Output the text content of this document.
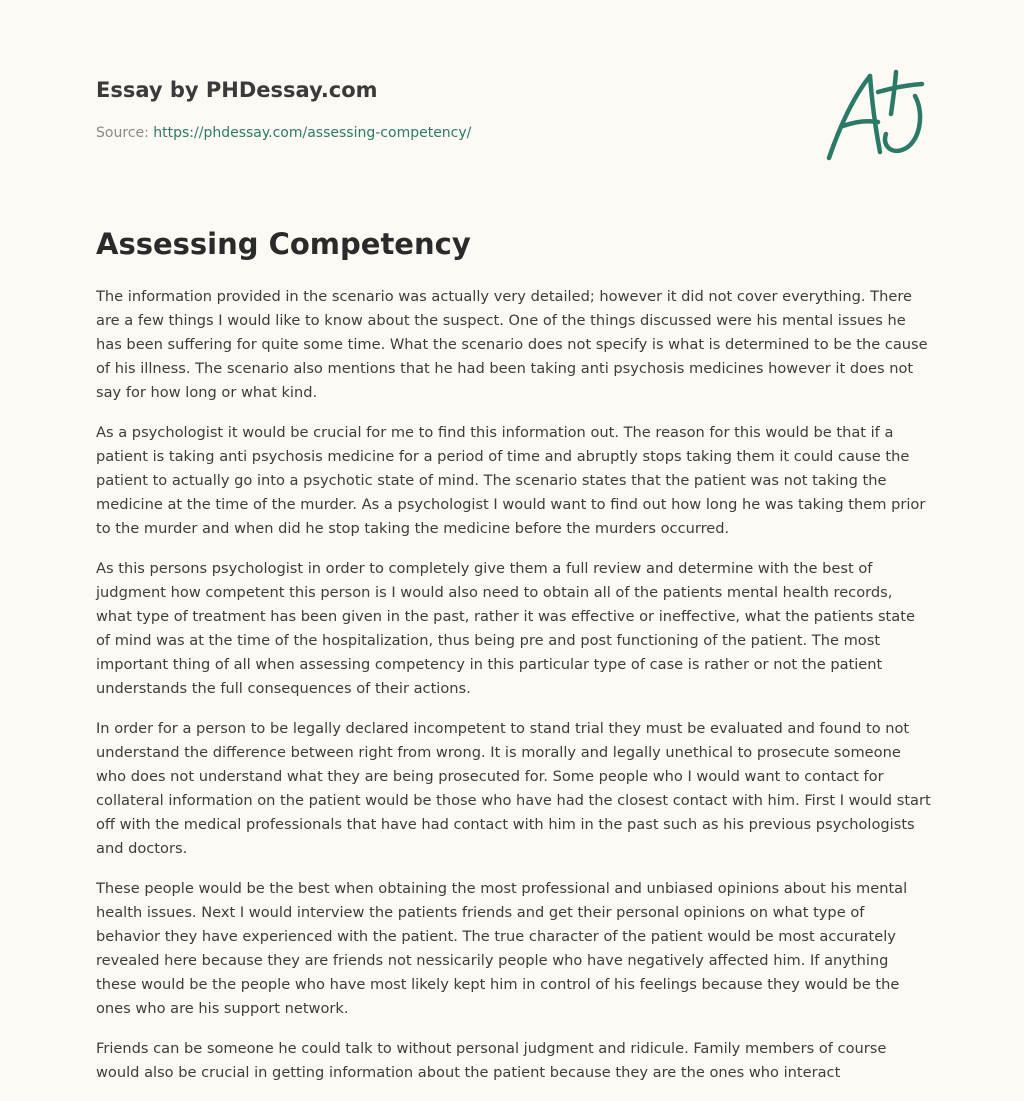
Essay by PHDessay.com
Source: https://phdessay.com/assessing-competency/
Assessing Competency

The information provided in the scenario was actually very detailed; however it did not cover everything. There are a few things I would like to know about the suspect. One of the things discussed were his mental issues he has been suffering for quite some time. What the scenario does not specify is what is determined to be the cause of his illness. The scenario also mentions that he had been taking anti psychosis medicines however it does not say for how long or what kind.

As a psychologist it would be crucial for me to find this information out. The reason for this would be that if a patient is taking anti psychosis medicine for a period of time and abruptly stops taking them it could cause the patient to actually go into a psychotic state of mind. The scenario states that the patient was not taking the medicine at the time of the murder. As a psychologist I would want to find out how long he was taking them prior to the murder and when did he stop taking the medicine before the murders occurred.

As this persons psychologist in order to completely give them a full review and determine with the best of judgment how competent this person is I would also need to obtain all of the patients mental health records, what type of treatment has been given in the past, rather it was effective or ineffective, what the patients state of mind was at the time of the hospitalization, thus being pre and post functioning of the patient. The most important thing of all when assessing competency in this particular type of case is rather or not the patient understands the full consequences of their actions.

In order for a person to be legally declared incompetent to stand trial they must be evaluated and found to not understand the difference between right from wrong. It is morally and legally unethical to prosecute someone who does not understand what they are being prosecuted for. Some people who I would want to contact for collateral information on the patient would be those who have had the closest contact with him. First I would start off with the medical professionals that have had contact with him in the past such as his previous psychologists and doctors.

These people would be the best when obtaining the most professional and unbiased opinions about his mental health issues. Next I would interview the patients friends and get their personal opinions on what type of behavior they have experienced with the patient. The true character of the patient would be most accurately revealed here because they are friends not nessicarily people who have negatively affected him. If anything these would be the people who have most likely kept him in control of his feelings because they would be the ones who are his support network.

Friends can be someone he could talk to without personal judgment and ridicule. Family members of course would also be crucial in getting information about the patient because they are the ones who interact
